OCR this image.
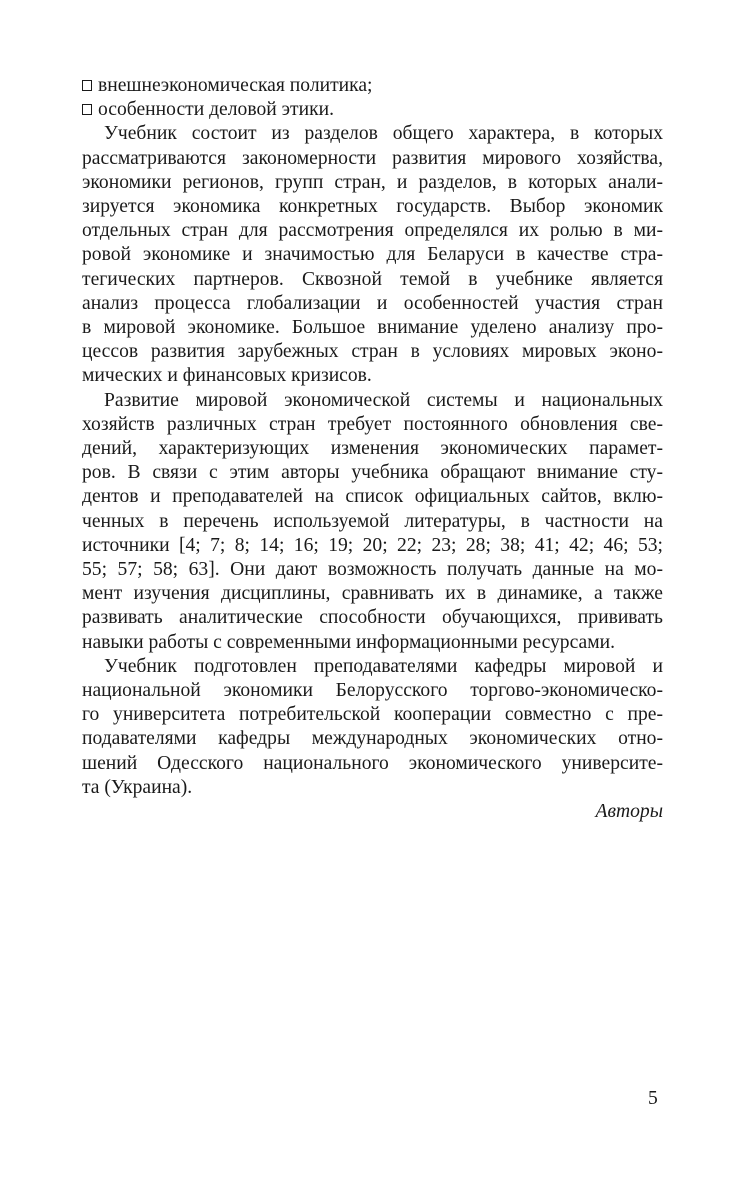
внешнеэкономическая политика;
особенности деловой этики.
Учебник состоит из разделов общего характера, в которых
рассматриваются закономерности развития мирового хозяйства,
экономики регионов, групп стран, и разделов, в которых анали-
зируется экономика конкретных государств. Выбор экономик
отдельных стран для рассмотрения определялся их ролью в ми-
ровой экономике и значимостью для Беларуси в качестве стра-
тегических партнеров. Сквозной темой в учебнике является
анализ процесса глобализации и особенностей участия стран
в мировой экономике. Большое внимание уделено анализу про-
цессов развития зарубежных стран в условиях мировых эконо-
мических и финансовых кризисов.
Развитие мировой экономической системы и национальных
хозяйств различных стран требует постоянного обновления све-
дений, характеризующих изменения экономических парамет-
ров. В связи с этим авторы учебника обращают внимание сту-
дентов и преподавателей на список официальных сайтов, вклю-
ченных в перечень используемой литературы, в частности на
источники [4; 7; 8; 14; 16; 19; 20; 22; 23; 28; 38; 41; 42; 46; 53;
55; 57; 58; 63]. Они дают возможность получать данные на мо-
мент изучения дисциплины, сравнивать их в динамике, а также
развивать аналитические способности обучающихся, прививать
навыки работы с современными информационными ресурсами.
Учебник подготовлен преподавателями кафедры мировой и
национальной экономики Белорусского торгово-экономическо-
го университета потребительской кооперации совместно с пре-
подавателями кафедры международных экономических отно-
шений Одесского национального экономического университе-
та (Украина).

Авторы

5
